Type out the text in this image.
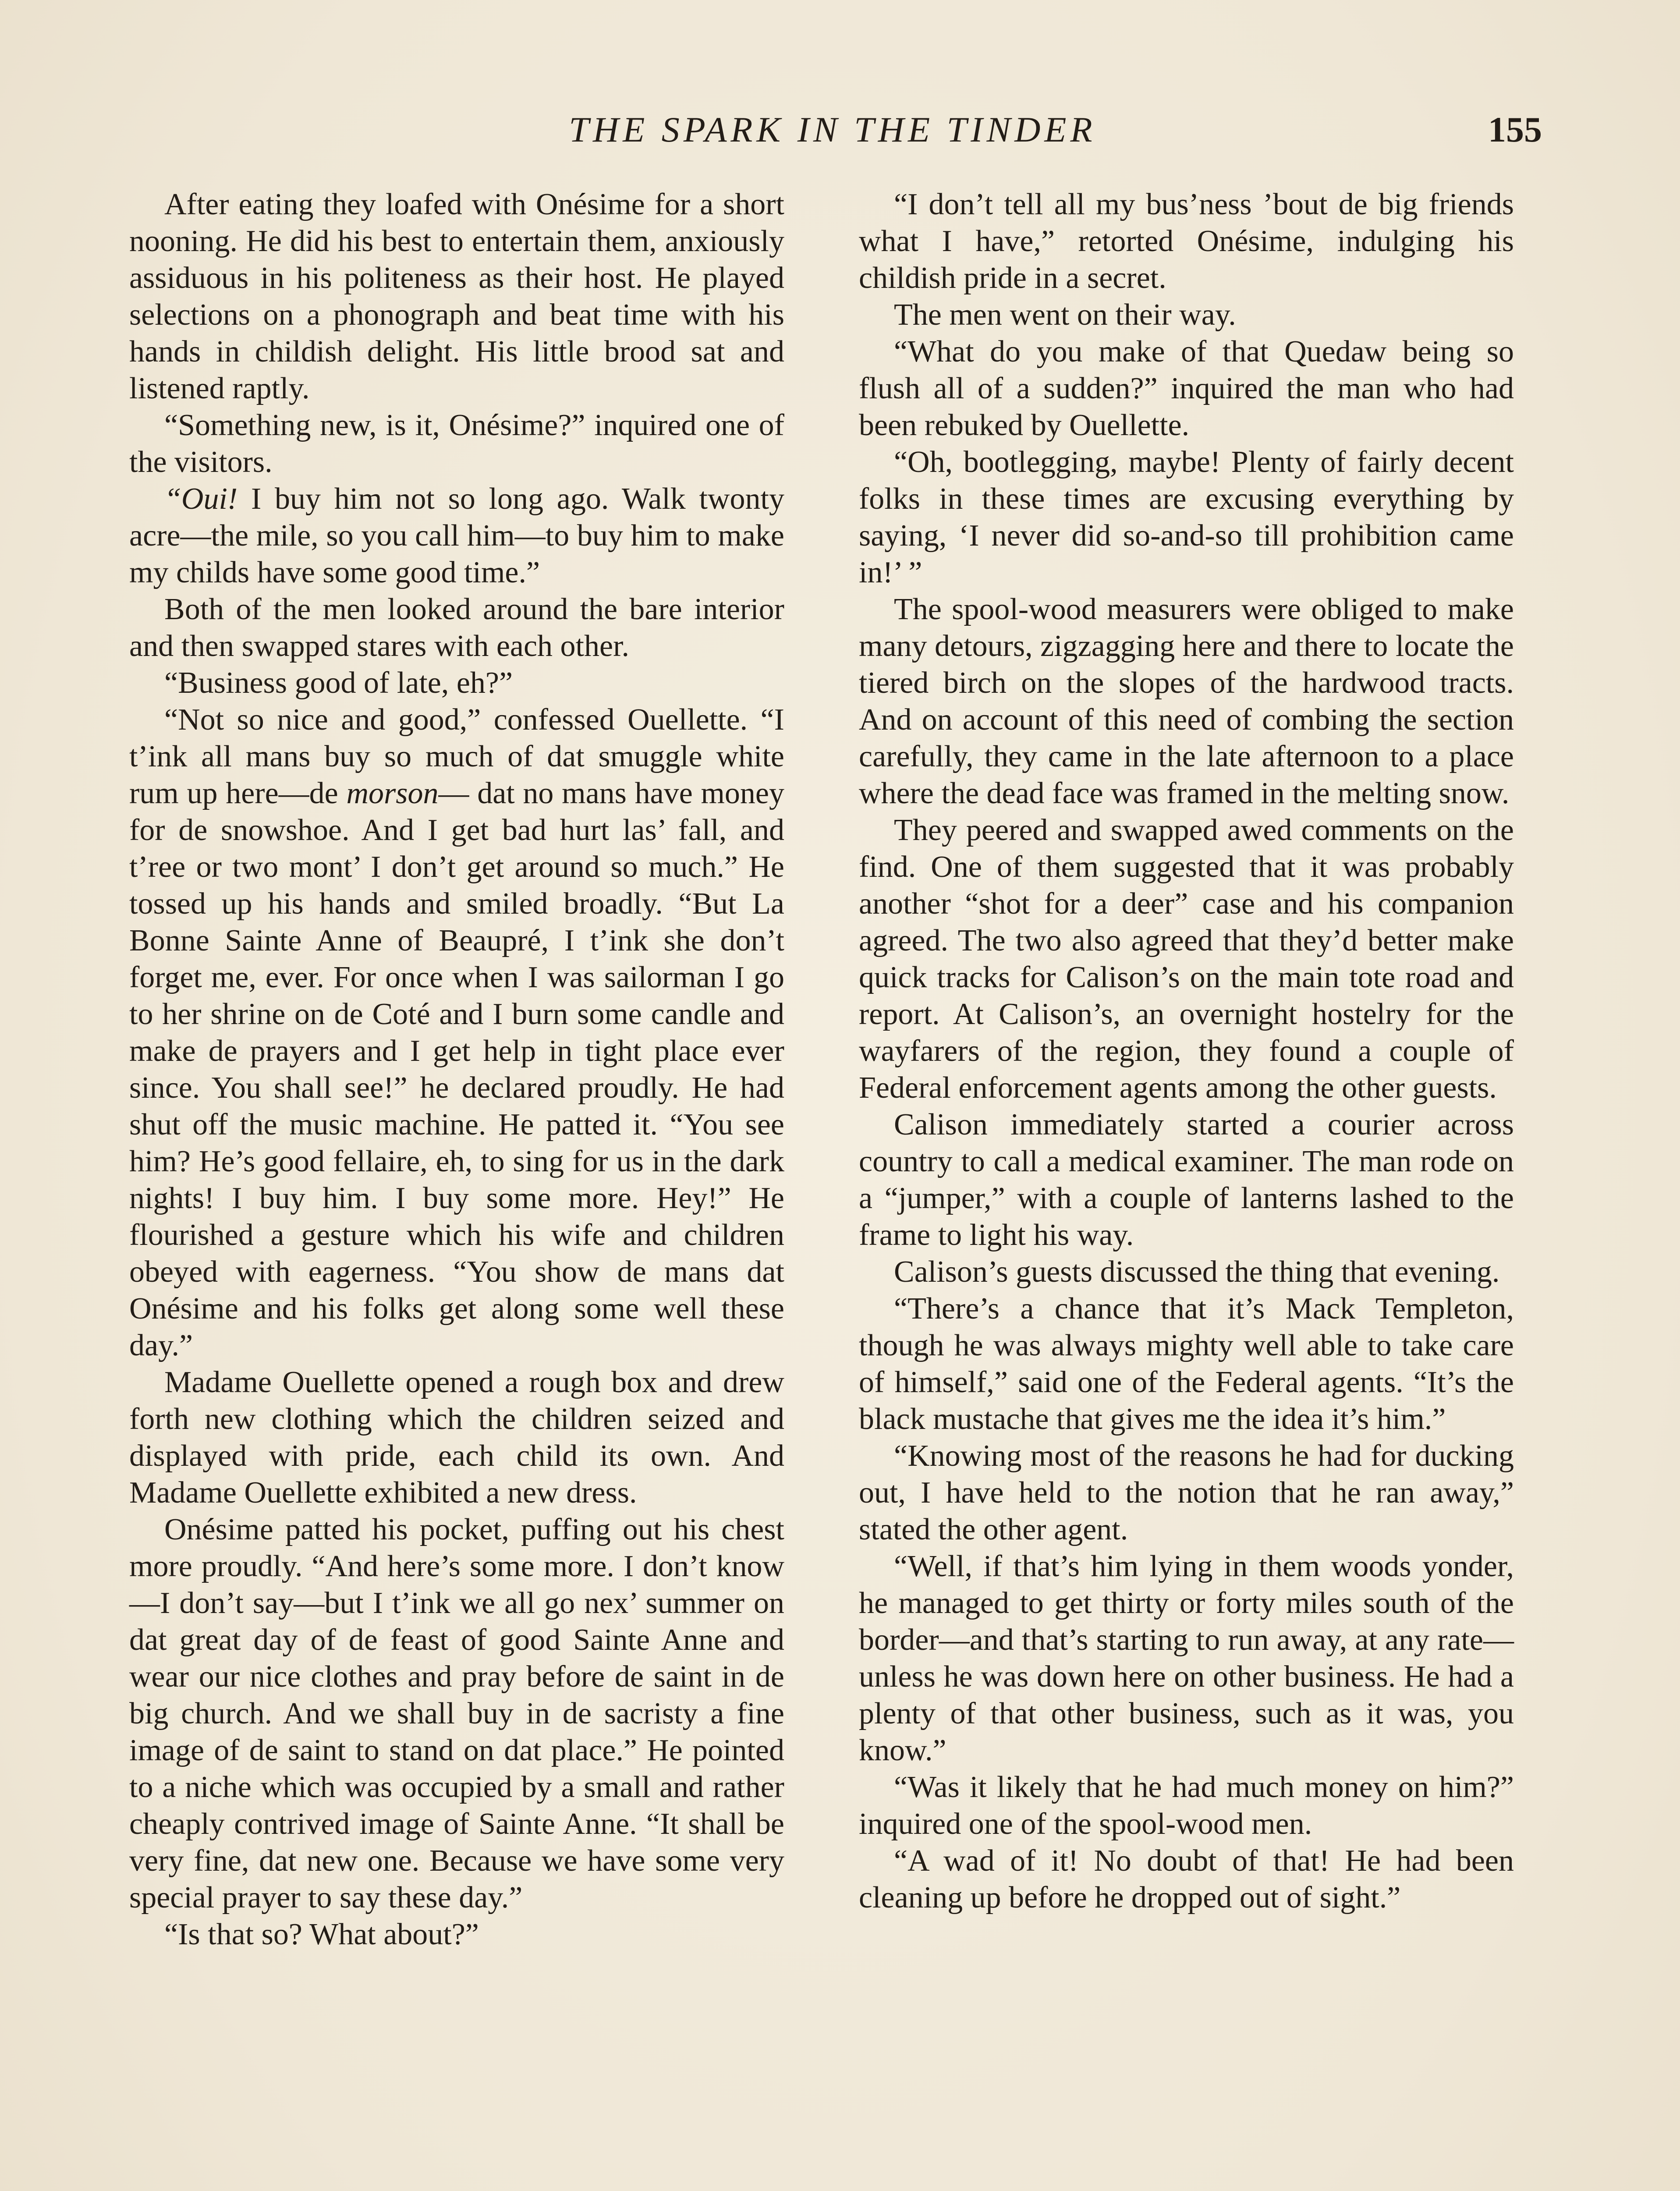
THE SPARK IN THE TINDER	155

After eating they loafed with Onésime for a short nooning. He did his best to entertain them, anxiously assiduous in his politeness as their host. He played selections on a phonograph and beat time with his hands in childish delight. His little brood sat and listened raptly.

“Something new, is it, Onésime?” inquired one of the visitors.

“Oui! I buy him not so long ago. Walk twonty acre—the mile, so you call him—to buy him to make my childs have some good time.”

Both of the men looked around the bare interior and then swapped stares with each other.

“Business good of late, eh?”

“Not so nice and good,” confessed Ouellette. “I t’ink all mans buy so much of dat smuggle white rum up here—de morson— dat no mans have money for de snowshoe. And I get bad hurt las’ fall, and t’ree or two mont’ I don’t get around so much.” He tossed up his hands and smiled broadly. “But La Bonne Sainte Anne of Beaupré, I t’ink she don’t forget me, ever. For once when I was sailorman I go to her shrine on de Coté and I burn some candle and make de prayers and I get help in tight place ever since. You shall see!” he declared proudly. He had shut off the music machine. He patted it. “You see him? He’s good fellaire, eh, to sing for us in the dark nights! I buy him. I buy some more. Hey!” He flourished a gesture which his wife and children obeyed with eagerness. “You show de mans dat Onésime and his folks get along some well these day.”

Madame Ouellette opened a rough box and drew forth new clothing which the children seized and displayed with pride, each child its own. And Madame Ouellette exhibited a new dress.

Onésime patted his pocket, puffing out his chest more proudly. “And here’s some more. I don’t know—I don’t say—but I t’ink we all go nex’ summer on dat great day of de feast of good Sainte Anne and wear our nice clothes and pray before de saint in de big church. And we shall buy in de sacristy a fine image of de saint to stand on dat place.” He pointed to a niche which was occupied by a small and rather cheaply contrived image of Sainte Anne. “It shall be very fine, dat new one. Because we have some very special prayer to say these day.”

“Is that so? What about?”

“I don’t tell all my bus’ness ’bout de big friends what I have,” retorted Onésime, indulging his childish pride in a secret.

The men went on their way.

“What do you make of that Quedaw being so flush all of a sudden?” inquired the man who had been rebuked by Ouellette.

“Oh, bootlegging, maybe! Plenty of fairly decent folks in these times are excusing everything by saying, ‘I never did so-and-so till prohibition came in!’ ”

The spool-wood measurers were obliged to make many detours, zigzagging here and there to locate the tiered birch on the slopes of the hardwood tracts. And on account of this need of combing the section carefully, they came in the late afternoon to a place where the dead face was framed in the melting snow.

They peered and swapped awed comments on the find. One of them suggested that it was probably another “shot for a deer” case and his companion agreed. The two also agreed that they’d better make quick tracks for Calison’s on the main tote road and report. At Calison’s, an overnight hostelry for the wayfarers of the region, they found a couple of Federal enforcement agents among the other guests.

Calison immediately started a courier across country to call a medical examiner. The man rode on a “jumper,” with a couple of lanterns lashed to the frame to light his way.

Calison’s guests discussed the thing that evening.

“There’s a chance that it’s Mack Templeton, though he was always mighty well able to take care of himself,” said one of the Federal agents. “It’s the black mustache that gives me the idea it’s him.”

“Knowing most of the reasons he had for ducking out, I have held to the notion that he ran away,” stated the other agent.

“Well, if that’s him lying in them woods yonder, he managed to get thirty or forty miles south of the border—and that’s starting to run away, at any rate—unless he was down here on other business. He had a plenty of that other business, such as it was, you know.”

“Was it likely that he had much money on him?” inquired one of the spool-wood men.

“A wad of it! No doubt of that! He had been cleaning up before he dropped out of sight.”
